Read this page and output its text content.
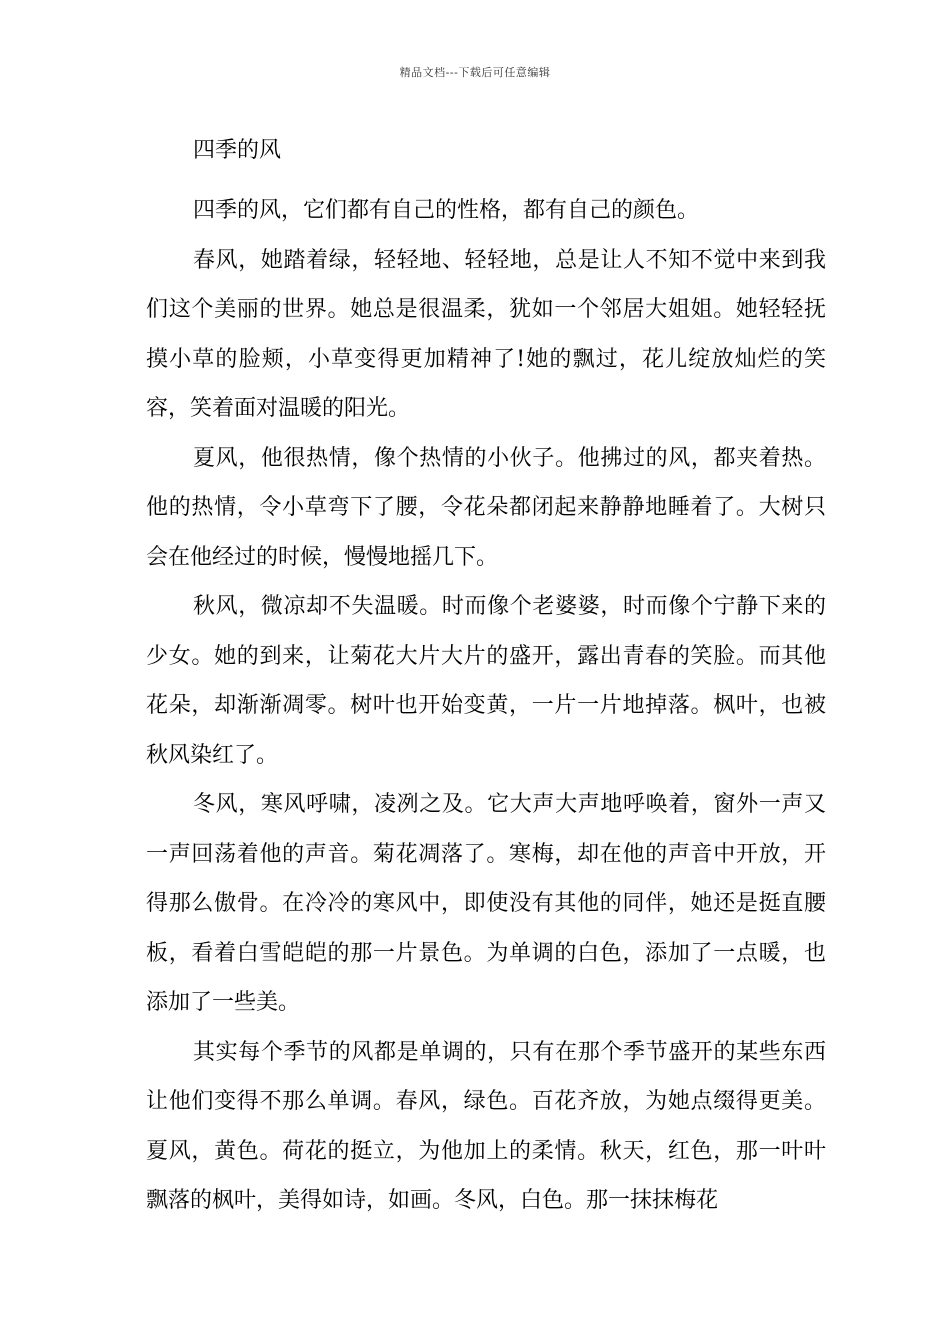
精品文档---下载后可任意编辑
四季的风

四季的风，它们都有自己的性格，都有自己的颜色。

春风，她踏着绿，轻轻地、轻轻地，总是让人不知不觉中来到我们这个美丽的世界。她总是很温柔，犹如一个邻居大姐姐。她轻轻抚摸小草的脸颊，小草变得更加精神了!她的飘过，花儿绽放灿烂的笑容，笑着面对温暖的阳光。

夏风，他很热情，像个热情的小伙子。他拂过的风，都夹着热。他的热情，令小草弯下了腰，令花朵都闭起来静静地睡着了。大树只会在他经过的时候，慢慢地摇几下。

秋风，微凉却不失温暖。时而像个老婆婆，时而像个宁静下来的少女。她的到来，让菊花大片大片的盛开，露出青春的笑脸。而其他花朵，却渐渐凋零。树叶也开始变黄，一片一片地掉落。枫叶，也被秋风染红了。

冬风，寒风呼啸，凌冽之及。它大声大声地呼唤着，窗外一声又一声回荡着他的声音。菊花凋落了。寒梅，却在他的声音中开放，开得那么傲骨。在冷冷的寒风中，即使没有其他的同伴，她还是挺直腰板，看着白雪皑皑的那一片景色。为单调的白色，添加了一点暖，也添加了一些美。

其实每个季节的风都是单调的，只有在那个季节盛开的某些东西让他们变得不那么单调。春风，绿色。百花齐放，为她点缀得更美。夏风，黄色。荷花的挺立，为他加上的柔情。秋天，红色，那一叶叶飘落的枫叶，美得如诗，如画。冬风，白色。那一抹抹梅花
